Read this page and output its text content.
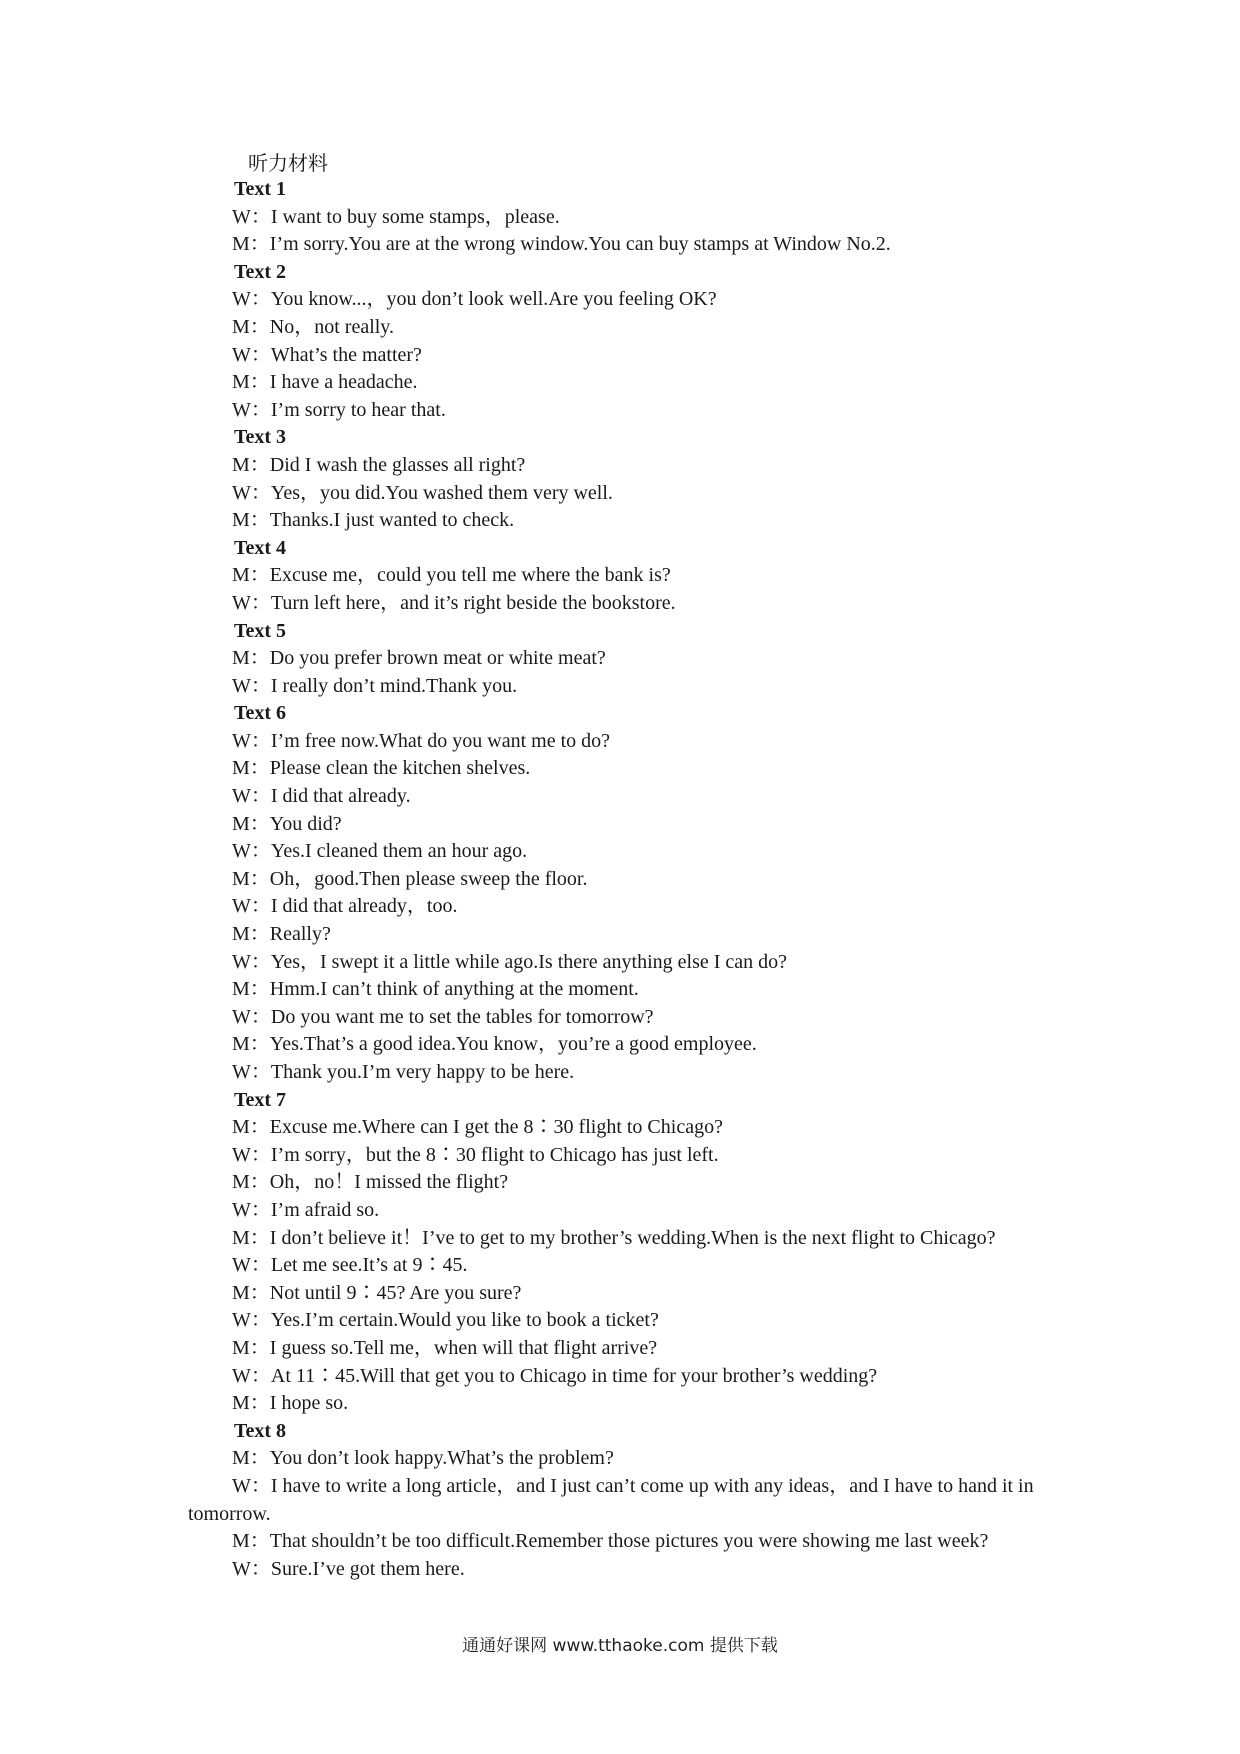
听力材料
Text 1
W：I want to buy some stamps，please.
M：I’m sorry.You are at the wrong window.You can buy stamps at Window No.2.
Text 2
W：You know...，you don’t look well.Are you feeling OK?
M：No，not really.
W：What’s the matter?
M：I have a headache.
W：I’m sorry to hear that.
Text 3
M：Did I wash the glasses all right?
W：Yes，you did.You washed them very well.
M：Thanks.I just wanted to check.
Text 4
M：Excuse me，could you tell me where the bank is?
W：Turn left here，and it’s right beside the bookstore.
Text 5
M：Do you prefer brown meat or white meat?
W：I really don’t mind.Thank you.
Text 6
W：I’m free now.What do you want me to do?
M：Please clean the kitchen shelves.
W：I did that already.
M：You did?
W：Yes.I cleaned them an hour ago.
M：Oh，good.Then please sweep the floor.
W：I did that already，too.
M：Really?
W：Yes，I swept it a little while ago.Is there anything else I can do?
M：Hmm.I can’t think of anything at the moment.
W：Do you want me to set the tables for tomorrow?
M：Yes.That’s a good idea.You know，you’re a good employee.
W：Thank you.I’m very happy to be here.
Text 7
M：Excuse me.Where can I get the 8∶30 flight to Chicago?
W：I’m sorry，but the 8∶30 flight to Chicago has just left.
M：Oh，no！I missed the flight?
W：I’m afraid so.
M：I don’t believe it！I’ve to get to my brother’s wedding.When is the next flight to Chicago?
W：Let me see.It’s at 9∶45.
M：Not until 9∶45? Are you sure?
W：Yes.I’m certain.Would you like to book a ticket?
M：I guess so.Tell me，when will that flight arrive?
W：At 11∶45.Will that get you to Chicago in time for your brother’s wedding?
M：I hope so.
Text 8
M：You don’t look happy.What’s the problem?
W：I have to write a long article，and I just can’t come up with any ideas，and I have to hand it in tomorrow.
M：That shouldn’t be too difficult.Remember those pictures you were showing me last week?
W：Sure.I’ve got them here.
通通好课网 www.tthaoke.com 提供下载
